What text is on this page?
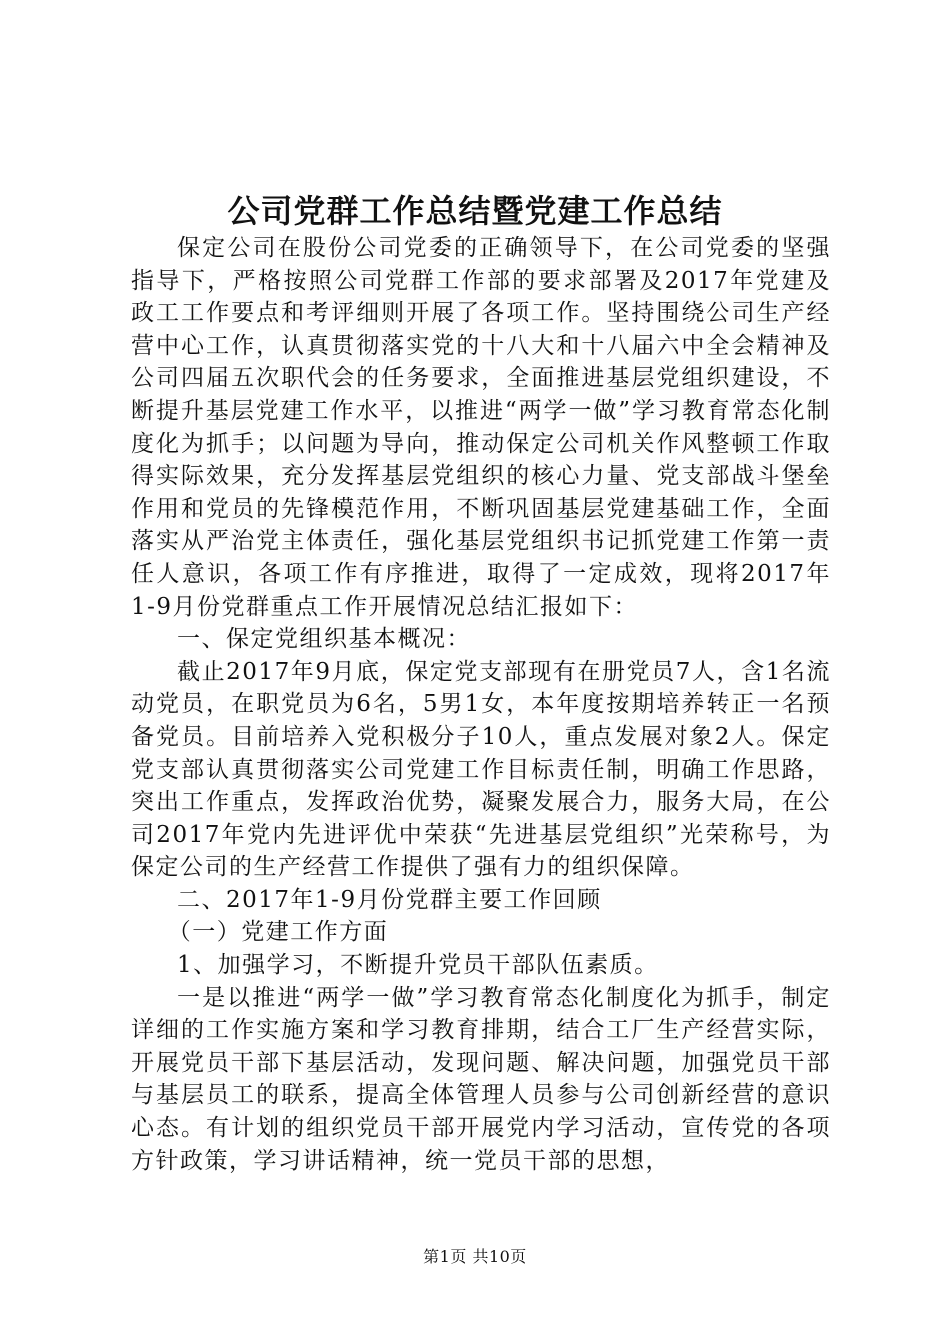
公司党群工作总结暨党建工作总结

保定公司在股份公司党委的正确领导下，在公司党委的坚强指导下，严格按照公司党群工作部的要求部署及2017年党建及政工工作要点和考评细则开展了各项工作。坚持围绕公司生产经营中心工作，认真贯彻落实党的十八大和十八届六中全会精神及公司四届五次职代会的任务要求，全面推进基层党组织建设，不断提升基层党建工作水平，以推进“两学一做”学习教育常态化制度化为抓手；以问题为导向，推动保定公司机关作风整顿工作取得实际效果，充分发挥基层党组织的核心力量、党支部战斗堡垒作用和党员的先锋模范作用，不断巩固基层党建基础工作，全面落实从严治党主体责任，强化基层党组织书记抓党建工作第一责任人意识，各项工作有序推进，取得了一定成效，现将2017年1-9月份党群重点工作开展情况总结汇报如下：

一、保定党组织基本概况：

截止2017年9月底，保定党支部现有在册党员7人，含1名流动党员，在职党员为6名，5男1女，本年度按期培养转正一名预备党员。目前培养入党积极分子10人，重点发展对象2人。保定党支部认真贯彻落实公司党建工作目标责任制，明确工作思路，突出工作重点，发挥政治优势，凝聚发展合力，服务大局，在公司2017年党内先进评优中荣获“先进基层党组织”光荣称号，为保定公司的生产经营工作提供了强有力的组织保障。

二、2017年1-9月份党群主要工作回顾

（一）党建工作方面

1、加强学习，不断提升党员干部队伍素质。

一是以推进“两学一做”学习教育常态化制度化为抓手，制定详细的工作实施方案和学习教育排期，结合工厂生产经营实际，开展党员干部下基层活动，发现问题、解决问题，加强党员干部与基层员工的联系，提高全体管理人员参与公司创新经营的意识心态。有计划的组织党员干部开展党内学习活动，宣传党的各项方针政策，学习讲话精神，统一党员干部的思想，

第1页 共10页
